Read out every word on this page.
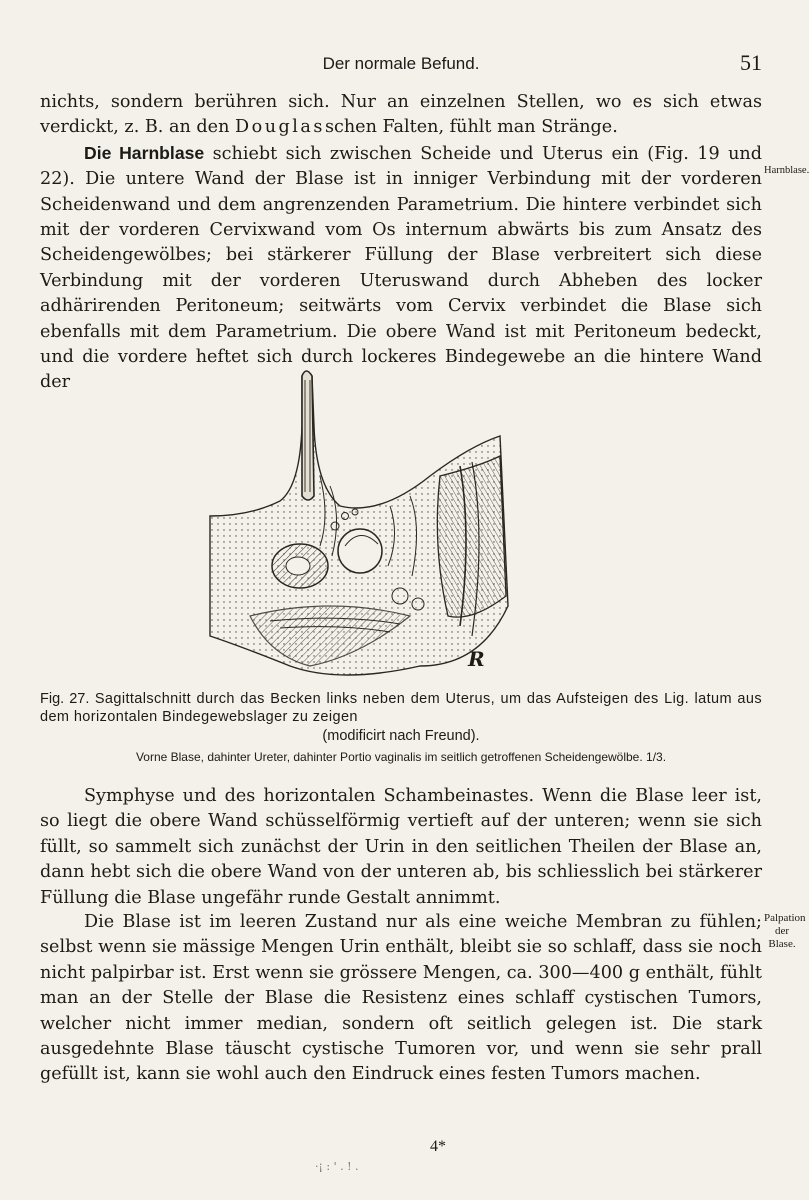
Der normale Befund.	51

nichts, sondern berühren sich. Nur an einzelnen Stellen, wo es sich etwas verdickt, z. B. an den Douglasschen Falten, fühlt man Stränge.
Die Harnblase schiebt sich zwischen Scheide und Uterus ein (Fig. 19 und 22). Die untere Wand der Blase ist in inniger Verbindung mit der vorderen Scheidenwand und dem angrenzenden Parametrium. Die hintere verbindet sich mit der vorderen Cervixwand vom Os internum abwärts bis zum Ansatz des Scheidengewölbes; bei stärkerer Füllung der Blase verbreitert sich diese Verbindung mit der vorderen Uteruswand durch Abheben des locker adhärirenden Peritoneum; seitwärts vom Cervix verbindet die Blase sich ebenfalls mit dem Parametrium. Die obere Wand ist mit Peritoneum bedeckt, und die vordere heftet sich durch lockeres Bindegewebe an die hintere Wand der

Harnblase.
R
Fig. 27. Sagittalschnitt durch das Becken links neben dem Uterus, um das Aufsteigen des Lig. latum aus dem horizontalen Bindegewebslager zu zeigen
(modificirt nach Freund).
Vorne Blase, dahinter Ureter, dahinter Portio vaginalis im seitlich getroffenen Scheidengewölbe. 1/3.

Symphyse und des horizontalen Schambeinastes. Wenn die Blase leer ist, so liegt die obere Wand schüsselförmig vertieft auf der unteren; wenn sie sich füllt, so sammelt sich zunächst der Urin in den seitlichen Theilen der Blase an, dann hebt sich die obere Wand von der unteren ab, bis schliesslich bei stärkerer Füllung die Blase ungefähr runde Gestalt annimmt.

Die Blase ist im leeren Zustand nur als eine weiche Membran zu fühlen; selbst wenn sie mässige Mengen Urin enthält, bleibt sie so schlaff, dass sie noch nicht palpirbar ist. Erst wenn sie grössere Mengen, ca. 300—400 g enthält, fühlt man an der Stelle der Blase die Resistenz eines schlaff cystischen Tumors, welcher nicht immer median, sondern oft seitlich gelegen ist. Die stark ausgedehnte Blase täuscht cystische Tumoren vor, und wenn sie sehr prall gefüllt ist, kann sie wohl auch den Eindruck eines festen Tumors machen.

Palpation der Blase.
4*
·¡ : ' . ! .
